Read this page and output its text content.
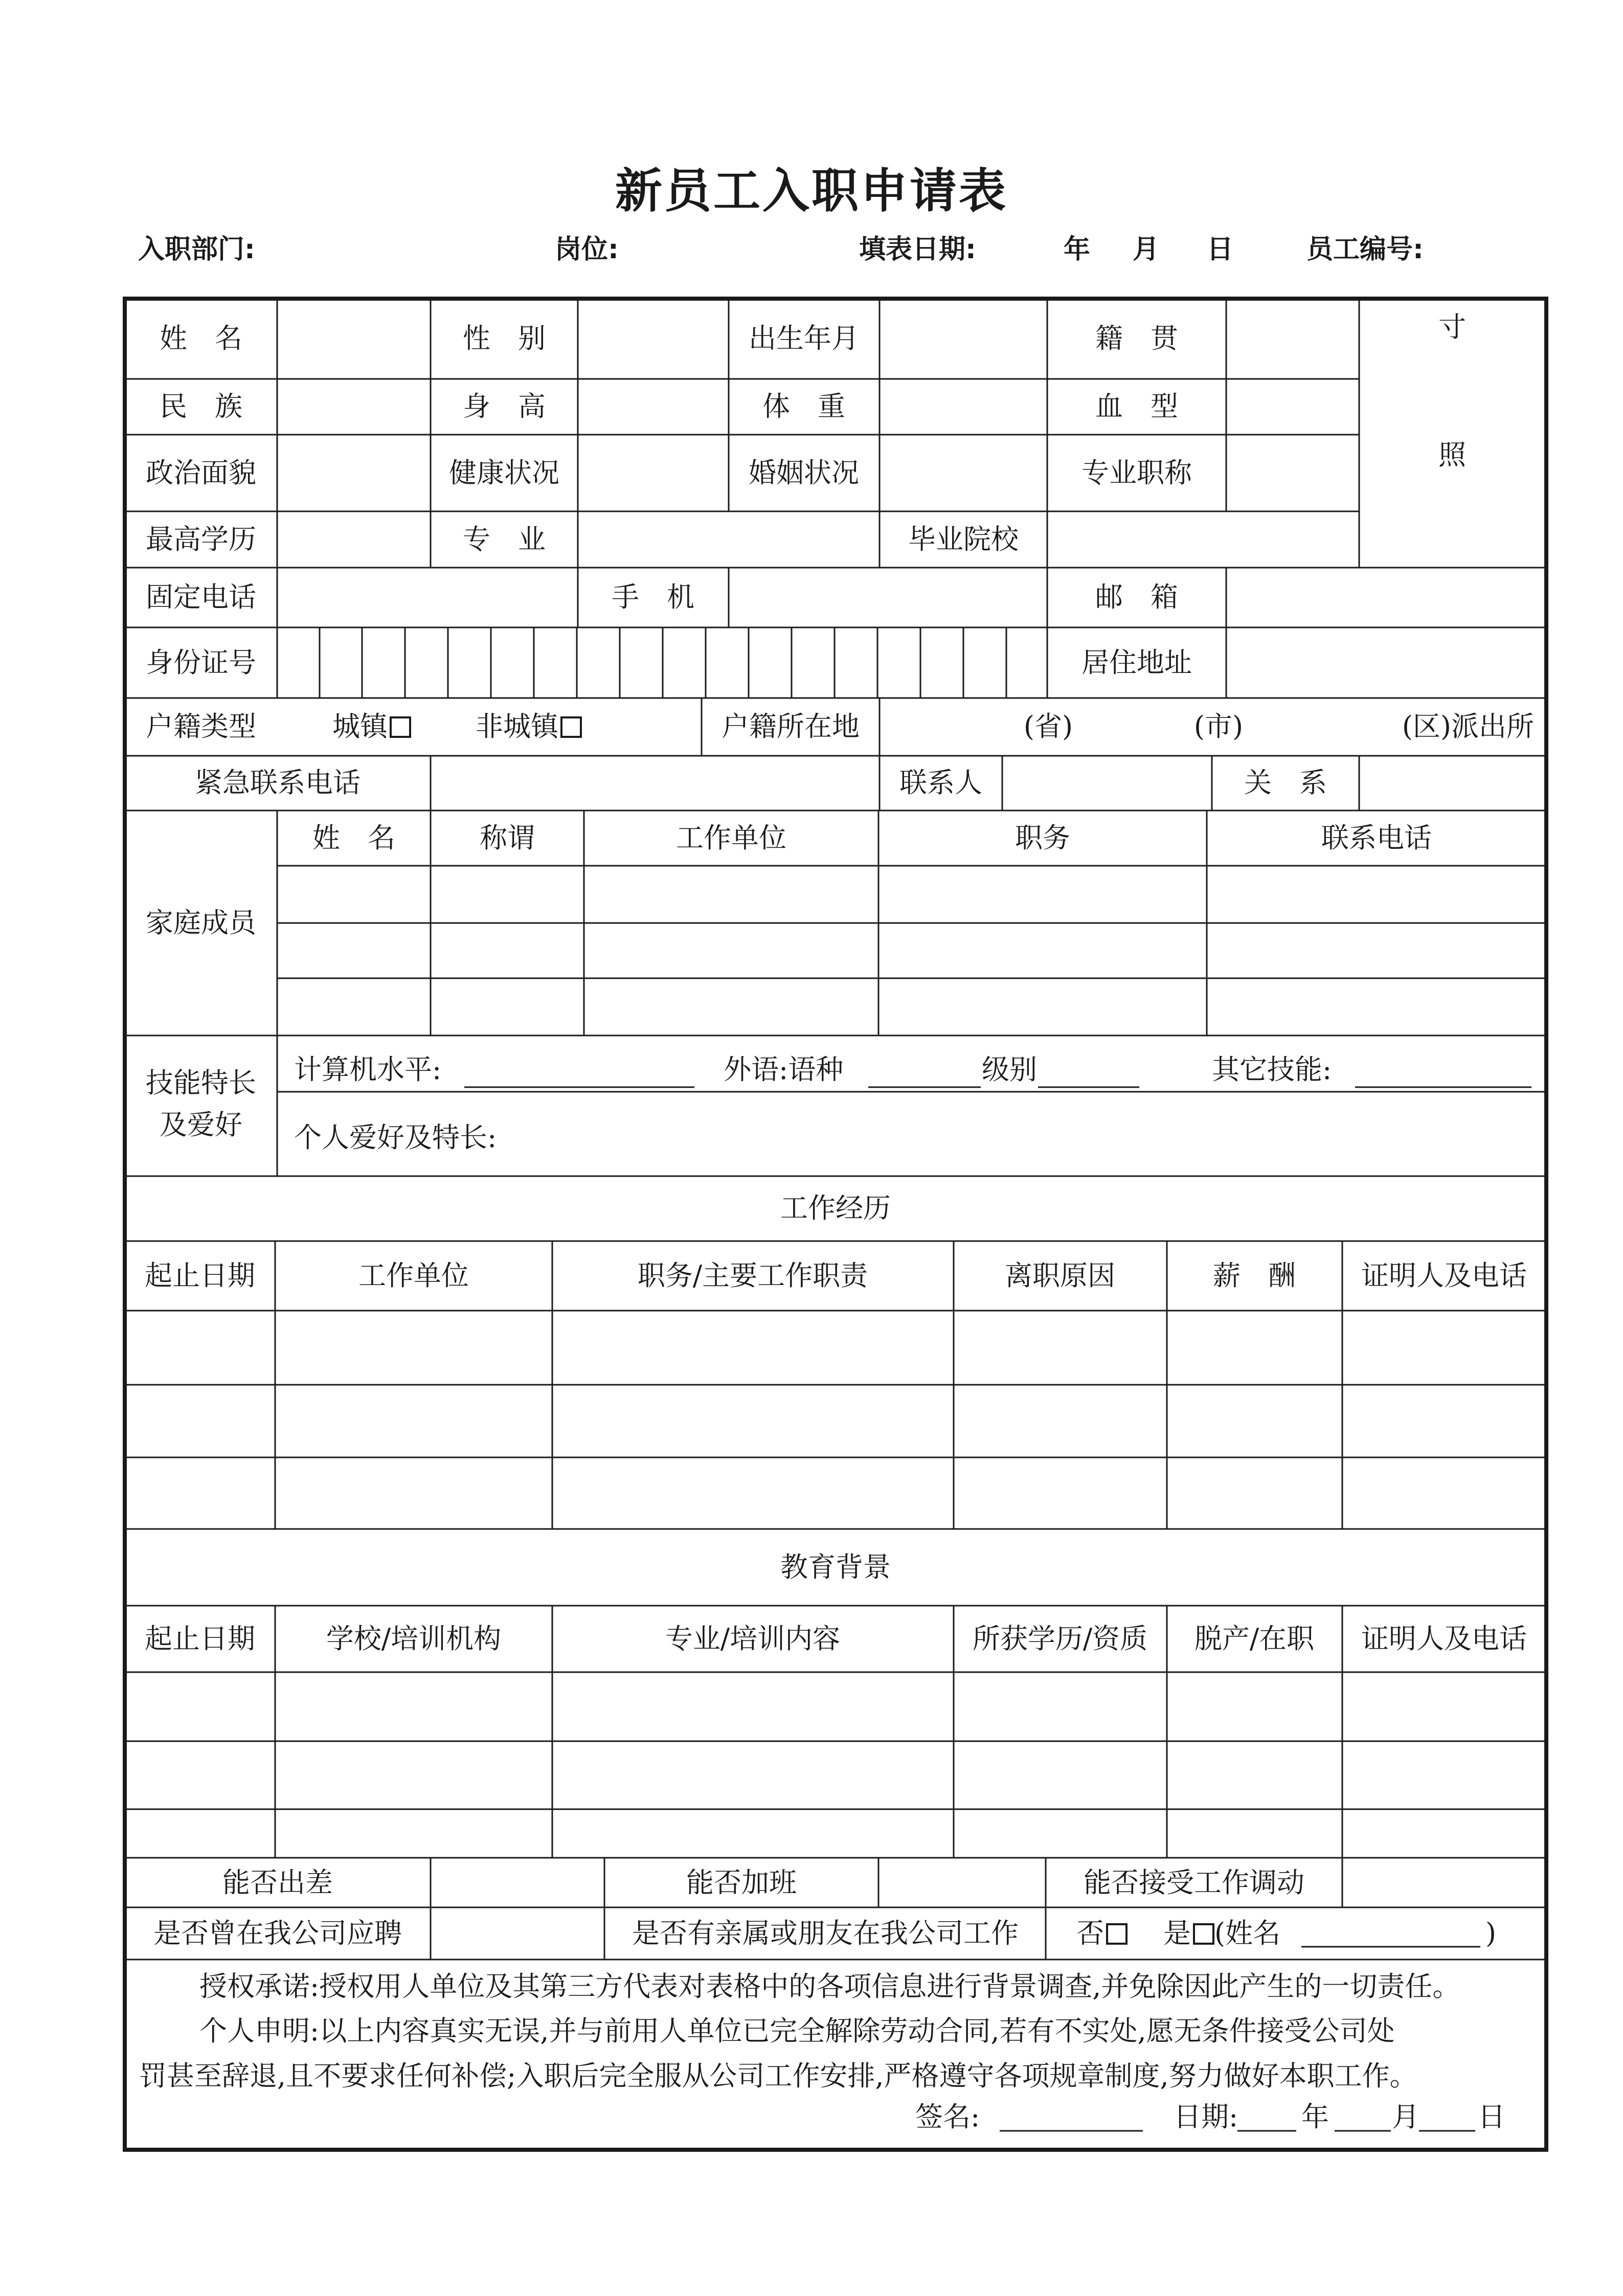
新员工入职申请表
入职部门:	岗位:	填表日期:	年 月 日	员工编号:
姓　名	性　别	出生年月	籍　贯	寸
照
民　族	身　高	体　重	血　型
政治面貌	健康状况	婚姻状况	专业职称
最高学历	专　业	毕业院校
固定电话	手　机	邮　箱
身份证号	居住地址
户籍类型	城镇	非城镇	户籍所在地	(省)	(市)	(区)派出所
紧急联系电话	联系人	关　系
家庭成员
姓　名	称谓	工作单位	职务	联系电话
技能特长
及爱好
计算机水平:	外语:语种	级别	其它技能:
个人爱好及特长:
工作经历
起止日期	工作单位	职务/主要工作职责	离职原因	薪　酬 证明人及电话
教育背景
起止日期	学校/培训机构	专业/培训内容	所获学历/资质 脱产/在职 证明人及电话
能否出差	能否加班	能否接受工作调动
是否曾在我公司应聘	是否有亲属或朋友在我公司工作 否	是 (姓名	)
授权承诺:授权用人单位及其第三方代表对表格中的各项信息进行背景调查,并免除因此产生的一切责任。
个人申明:以上内容真实无误,并与前用人单位已完全解除劳动合同,若有不实处,愿无条件接受公司处
罚甚至辞退,且不要求任何补偿;入职后完全服从公司工作安排,严格遵守各项规章制度,努力做好本职工作。
签名:	日期: 年 月 日
